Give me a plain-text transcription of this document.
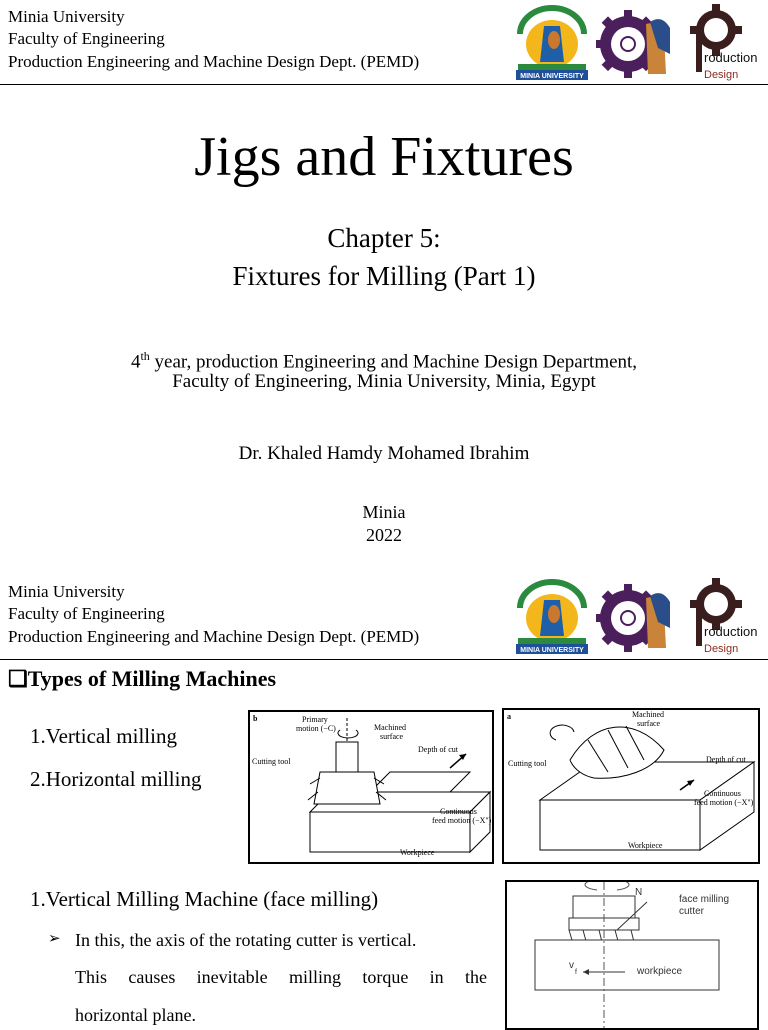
Minia University
Faculty of Engineering
Production Engineering and Machine Design Dept. (PEMD)
MINIA UNIVERSITY
roduction
Design
Jigs and Fixtures
Chapter 5:
Fixtures for Milling (Part 1)
4th year, production Engineering and Machine Design Department,
Faculty of Engineering, Minia University, Minia, Egypt
Dr. Khaled Hamdy Mohamed Ibrahim
Minia
2022
Minia University
Faculty of Engineering
Production Engineering and Machine Design Dept. (PEMD)
MINIA UNIVERSITY
roduction
Design
❑Types of Milling Machines
1.Vertical milling
2.Horizontal milling
b	Primary
motion (−C)	Machined
surface
Depth of cut
Cutting tool
Continuous
feed motion (−X")
Workpiece
a	Machined
surface
Depth of cut
Cutting tool
Continuous
feed motion (−X")
Workpiece
1.Vertical Milling Machine (face milling)
➢ In this, the axis of the rotating cutter is vertical.
This causes inevitable milling torque in the
horizontal plane.
N
face milling
cutter
v
f	workpiece
